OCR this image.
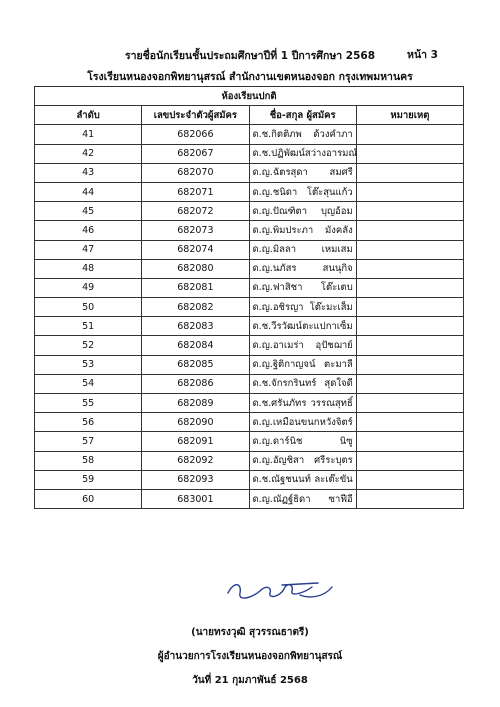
รายชื่อนักเรียนชั้นประถมศึกษาปีที่ 1 ปีการศึกษา 2568	หน้า 3
โรงเรียนหนองจอกพิทยานุสรณ์ สำนักงานเขตหนองจอก กรุงเทพมหานคร
ห้องเรียนปกติ			
ลำดับ	เลขประจำตัวผู้สมัคร	ชื่อ-สกุล ผู้สมัคร	หมายเหตุ
41	682066	ด.ช. กิตติภพ ด้วงคำภา	

42	682067	ด.ช. ปฏิพัฒน์ สว่างอารมณ์	

43	682070	ด.ญ. ฉัตรสุดา สมศรี	

44	682071	ด.ญ. ชนิดา โต๊ะสุนแก้ว	

45	682072	ด.ญ. ปัณฑิตา บุญอ้อม	

46	682073	ด.ญ. พิมประภา มังคลัง	

47	682074	ด.ญ. มิลลา เหมเสม	

48	682080	ด.ญ. นภัสร สนนุกิจ	

49	682081	ด.ญ. ฟาสิชา โต๊ะเตบ	

50	682082	ด.ญ. อชิรญา โต๊ะมะเส็ม	

51	682083	ด.ช. วีรวัฒน์ ตะแปกาเซ็ม	

52	682084	ด.ญ. อาเมร่า อุปัชฌาย์	

53	682085	ด.ญ. ฐิติกาญจน์ ตะมาลี	

54	682086	ด.ช. จักรกรินทร์ สุดใจดี	

55	682089	ด.ช. ศรันภัทร วรรณสุทธิ์	

56	682090	ด.ญ. เหมือนขนก หวังจิตร์	

57	682091	ด.ญ. ดาร์นิช นิซู	

58	682092	ด.ญ. อัญชิสา ศรีระบุตร	

59	682093	ด.ช. ณัฐชนนท์ ละเต๊ะขัน	

60	683001	ด.ญ. ณัฏฐ์ธิดา ซาฟีอี	

(นายทรงวุฒิ สุวรรณธาตรี)
ผู้อำนวยการโรงเรียนหนองจอกพิทยานุสรณ์
วันที่ 21 กุมภาพันธ์ 2568
